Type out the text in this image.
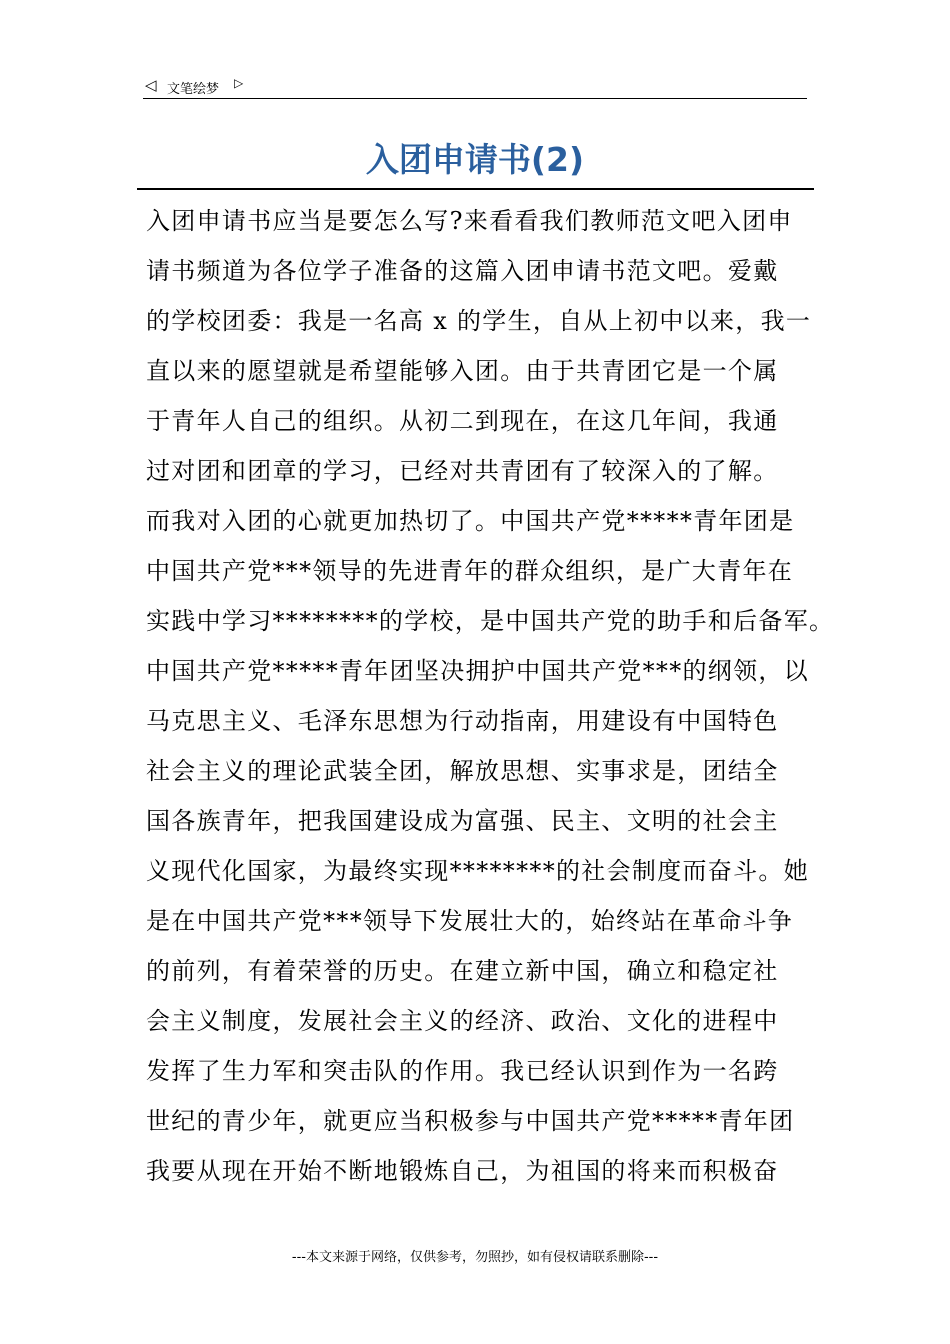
◁ 文笔绘梦 ▷
入团申请书(2)
入团申请书应当是要怎么写?来看看我们教师范文吧入团申
请书频道为各位学子准备的这篇入团申请书范文吧。爱戴
的学校团委：我是一名高 x 的学生，自从上初中以来，我一
直以来的愿望就是希望能够入团。由于共青团它是一个属
于青年人自己的组织。从初二到现在，在这几年间，我通
过对团和团章的学习，已经对共青团有了较深入的了解。
而我对入团的心就更加热切了。中国共产党*****青年团是
中国共产党***领导的先进青年的群众组织，是广大青年在
实践中学习********的学校，是中国共产党的助手和后备军。
中国共产党*****青年团坚决拥护中国共产党***的纲领，以
马克思主义、毛泽东思想为行动指南，用建设有中国特色
社会主义的理论武装全团，解放思想、实事求是，团结全
国各族青年，把我国建设成为富强、民主、文明的社会主
义现代化国家，为最终实现********的社会制度而奋斗。她
是在中国共产党***领导下发展壮大的，始终站在革命斗争
的前列，有着荣誉的历史。在建立新中国，确立和稳定社
会主义制度，发展社会主义的经济、政治、文化的进程中
发挥了生力军和突击队的作用。我已经认识到作为一名跨
世纪的青少年，就更应当积极参与中国共产党*****青年团
我要从现在开始不断地锻炼自己，为祖国的将来而积极奋
---本文来源于网络，仅供参考，勿照抄，如有侵权请联系删除---
